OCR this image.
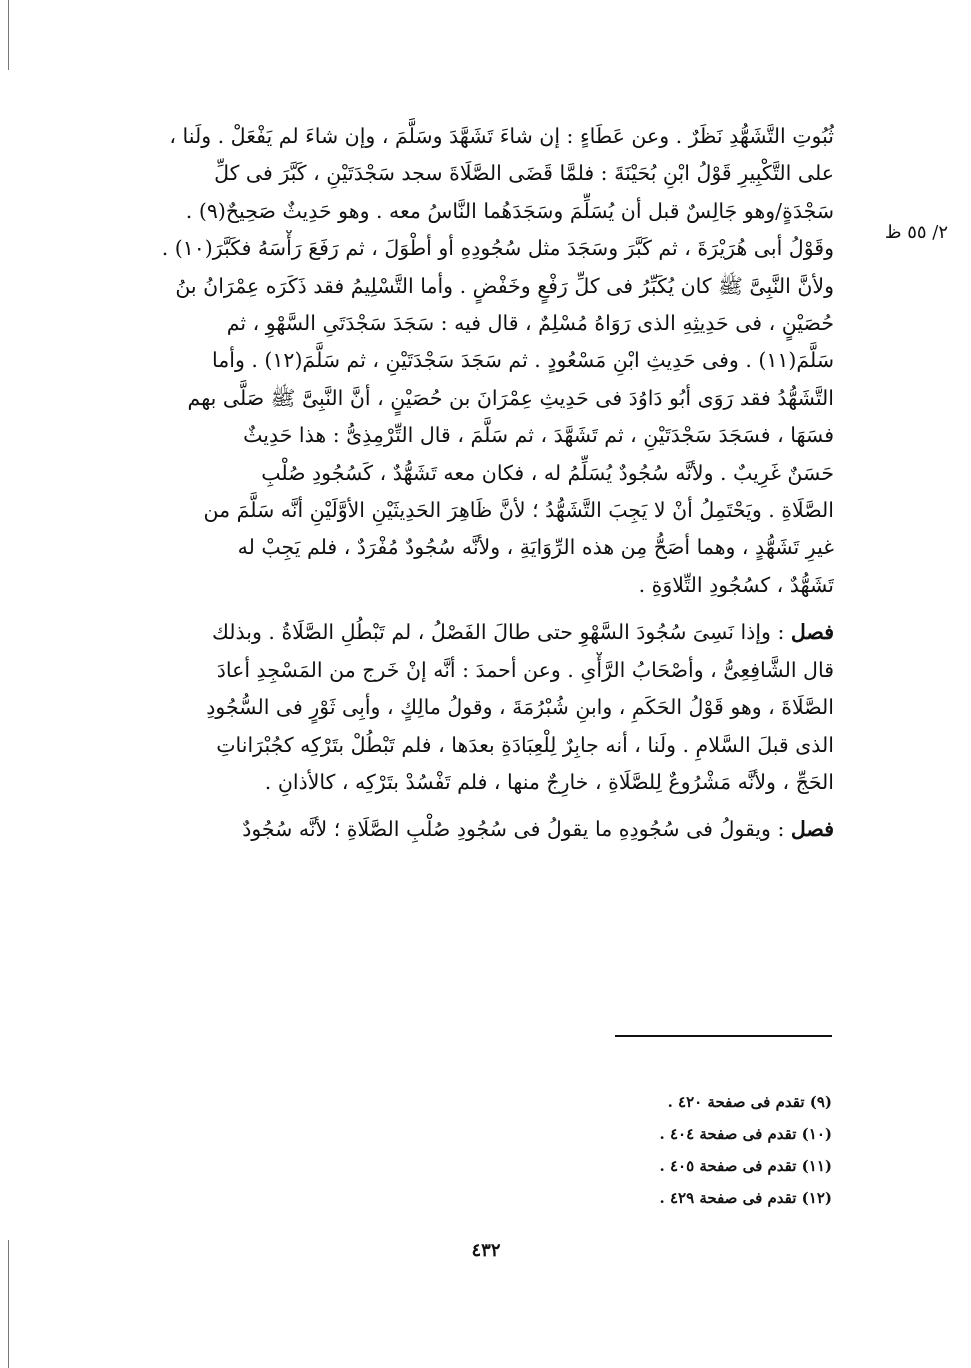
٢/ ٥٥ ظ

ثُبُوتِ التَّشَهُّدِ نَظَرٌ . وعن عَطَاءٍ : إن شاءَ تَشَهَّدَ وسَلَّمَ ، وإن شاءَ لم يَفْعَلْ . ولَنا ،
على التَّكْبِيرِ قَوْلُ ابْنِ بُحَيْنَةَ : فلمَّا قَضَى الصَّلَاةَ سجد سَجْدَتَيْنِ ، كَبَّرَ فى كلِّ
سَجْدَةٍ/وهو جَالِسٌ قبل أن يُسَلِّمَ وسَجَدَهُما النَّاسُ معه . وهو حَدِيثٌ صَحِيحٌ(٩) .
وقَوْلُ أبى هُرَيْرَةَ ، ثم كَبَّرَ وسَجَدَ مثل سُجُودِهِ أو أطْوَلَ ، ثم رَفَعَ رَأْسَهُ فكَبَّرَ(١٠) .
ولأنَّ النَّبِىَّ ﷺ كان يُكَبِّرُ فى كلِّ رَفْعٍ وخَفْضٍ . وأما التَّسْلِيمُ فقد ذَكَرَه عِمْرَانُ بنُ
حُصَيْنٍ ، فى حَدِيثِهِ الذى رَوَاهُ مُسْلِمٌ ، قال فيه : سَجَدَ سَجْدَتَىِ السَّهْوِ ، ثم
سَلَّمَ(١١) . وفى حَدِيثِ ابْنِ مَسْعُودٍ . ثم سَجَدَ سَجْدَتَيْنِ ، ثم سَلَّمَ(١٢) . وأما
التَّشَهُّدُ فقد رَوَى أبُو دَاوُدَ فى حَدِيثِ عِمْرَانَ بن حُصَيْنٍ ، أنَّ النَّبِىَّ ﷺ صَلَّى بهم
فسَهَا ، فسَجَدَ سَجْدَتَيْنِ ، ثم تَشَهَّدَ ، ثم سَلَّمَ ، قال التِّرْمِذِىُّ : هذا حَدِيثٌ
حَسَنٌ غَرِيبٌ . ولأنَّه سُجُودٌ يُسَلِّمُ له ، فكان معه تَشَهُّدٌ ، كَسُجُودِ صُلْبِ
الصَّلَاةِ . ويَحْتَمِلُ أنْ لا يَجِبَ التَّشَهُّدُ ؛ لأنَّ ظَاهِرَ الحَدِيثَيْنِ الأوَّلَيْنِ أنَّه سَلَّمَ من
غيرِ تَشَهُّدٍ ، وهما أصَحُّ مِن هذه الرِّوَايَةِ ، ولأنَّه سُجُودٌ مُفْرَدٌ ، فلم يَجِبْ له
تَشَهُّدٌ ، كسُجُودِ التِّلاوَةِ .

فصل : وإذا نَسِىَ سُجُودَ السَّهْوِ حتى طالَ الفَصْلُ ، لم تَبْطُلِ الصَّلَاةُ . وبذلك
قال الشَّافِعِىُّ ، وأصْحَابُ الرَّأْىِ . وعن أحمدَ : أنَّه إنْ خَرج من المَسْجِدِ أعادَ
الصَّلَاةَ ، وهو قَوْلُ الحَكَمِ ، وابنِ شُبْرُمَةَ ، وقولُ مالِكٍ ، وأبِى ثَوْرٍ فى السُّجُودِ
الذى قبلَ السَّلامِ . ولَنا ، أنه جابِرٌ لِلْعِبَادَةِ بعدَها ، فلم تَبْطُلْ بتَرْكِه كجُبْرَاناتِ
الحَجِّ ، ولأنَّه مَشْرُوعٌ لِلصَّلَاةِ ، خارِجٌ منها ، فلم تَفْسُدْ بتَرْكِه ، كالأذانِ .

فصل : ويقولُ فى سُجُودِهِ ما يقولُ فى سُجُودِ صُلْبِ الصَّلَاةِ ؛ لأنَّه سُجُودٌ

(٩) تقدم فى صفحة ٤٢٠ .
(١٠) تقدم فى صفحة ٤٠٤ .
(١١) تقدم فى صفحة ٤٠٥ .
(١٢) تقدم فى صفحة ٤٢٩ .
٤٣٢
